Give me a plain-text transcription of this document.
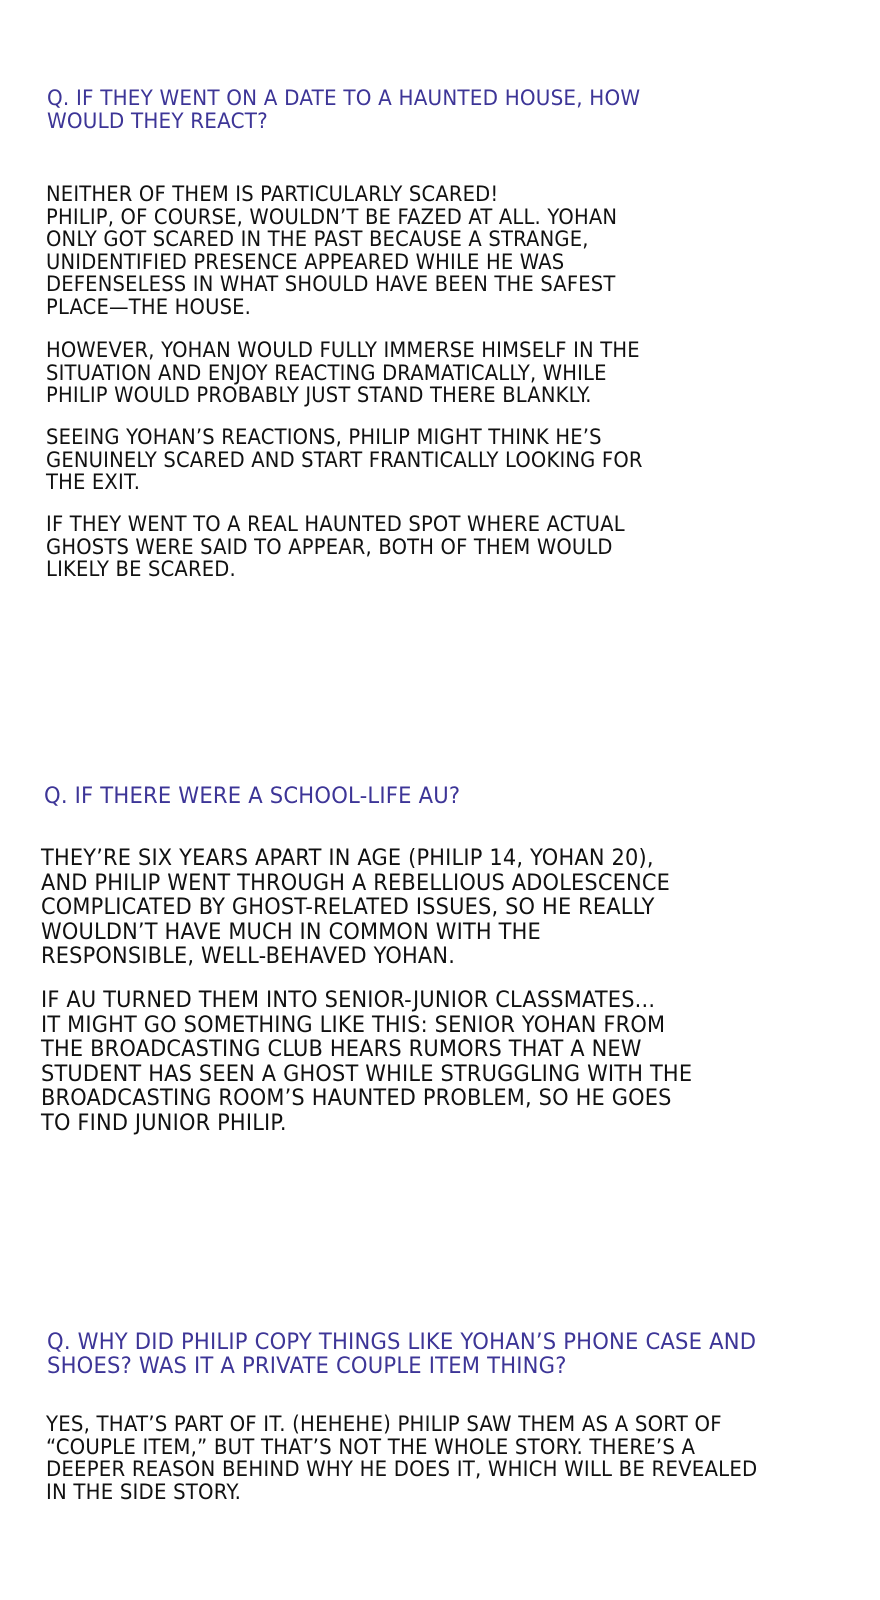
Q. IF THEY WENT ON A DATE TO A HAUNTED HOUSE, HOW
WOULD THEY REACT?

NEITHER OF THEM IS PARTICULARLY SCARED!
PHILIP, OF COURSE, WOULDN’T BE FAZED AT ALL. YOHAN
ONLY GOT SCARED IN THE PAST BECAUSE A STRANGE,
UNIDENTIFIED PRESENCE APPEARED WHILE HE WAS
DEFENSELESS IN WHAT SHOULD HAVE BEEN THE SAFEST
PLACE—THE HOUSE.

HOWEVER, YOHAN WOULD FULLY IMMERSE HIMSELF IN THE
SITUATION AND ENJOY REACTING DRAMATICALLY, WHILE
PHILIP WOULD PROBABLY JUST STAND THERE BLANKLY.

SEEING YOHAN’S REACTIONS, PHILIP MIGHT THINK HE’S
GENUINELY SCARED AND START FRANTICALLY LOOKING FOR
THE EXIT.

IF THEY WENT TO A REAL HAUNTED SPOT WHERE ACTUAL
GHOSTS WERE SAID TO APPEAR, BOTH OF THEM WOULD
LIKELY BE SCARED.

Q. IF THERE WERE A SCHOOL-LIFE AU?

THEY’RE SIX YEARS APART IN AGE (PHILIP 14, YOHAN 20),
AND PHILIP WENT THROUGH A REBELLIOUS ADOLESCENCE
COMPLICATED BY GHOST-RELATED ISSUES, SO HE REALLY
WOULDN’T HAVE MUCH IN COMMON WITH THE
RESPONSIBLE, WELL-BEHAVED YOHAN.

IF AU TURNED THEM INTO SENIOR-JUNIOR CLASSMATES...
IT MIGHT GO SOMETHING LIKE THIS: SENIOR YOHAN FROM
THE BROADCASTING CLUB HEARS RUMORS THAT A NEW
STUDENT HAS SEEN A GHOST WHILE STRUGGLING WITH THE
BROADCASTING ROOM’S HAUNTED PROBLEM, SO HE GOES
TO FIND JUNIOR PHILIP.

Q. WHY DID PHILIP COPY THINGS LIKE YOHAN’S PHONE CASE AND
SHOES? WAS IT A PRIVATE COUPLE ITEM THING?

YES, THAT’S PART OF IT. (HEHEHE) PHILIP SAW THEM AS A SORT OF
“COUPLE ITEM,” BUT THAT’S NOT THE WHOLE STORY. THERE’S A
DEEPER REASON BEHIND WHY HE DOES IT, WHICH WILL BE REVEALED
IN THE SIDE STORY.
